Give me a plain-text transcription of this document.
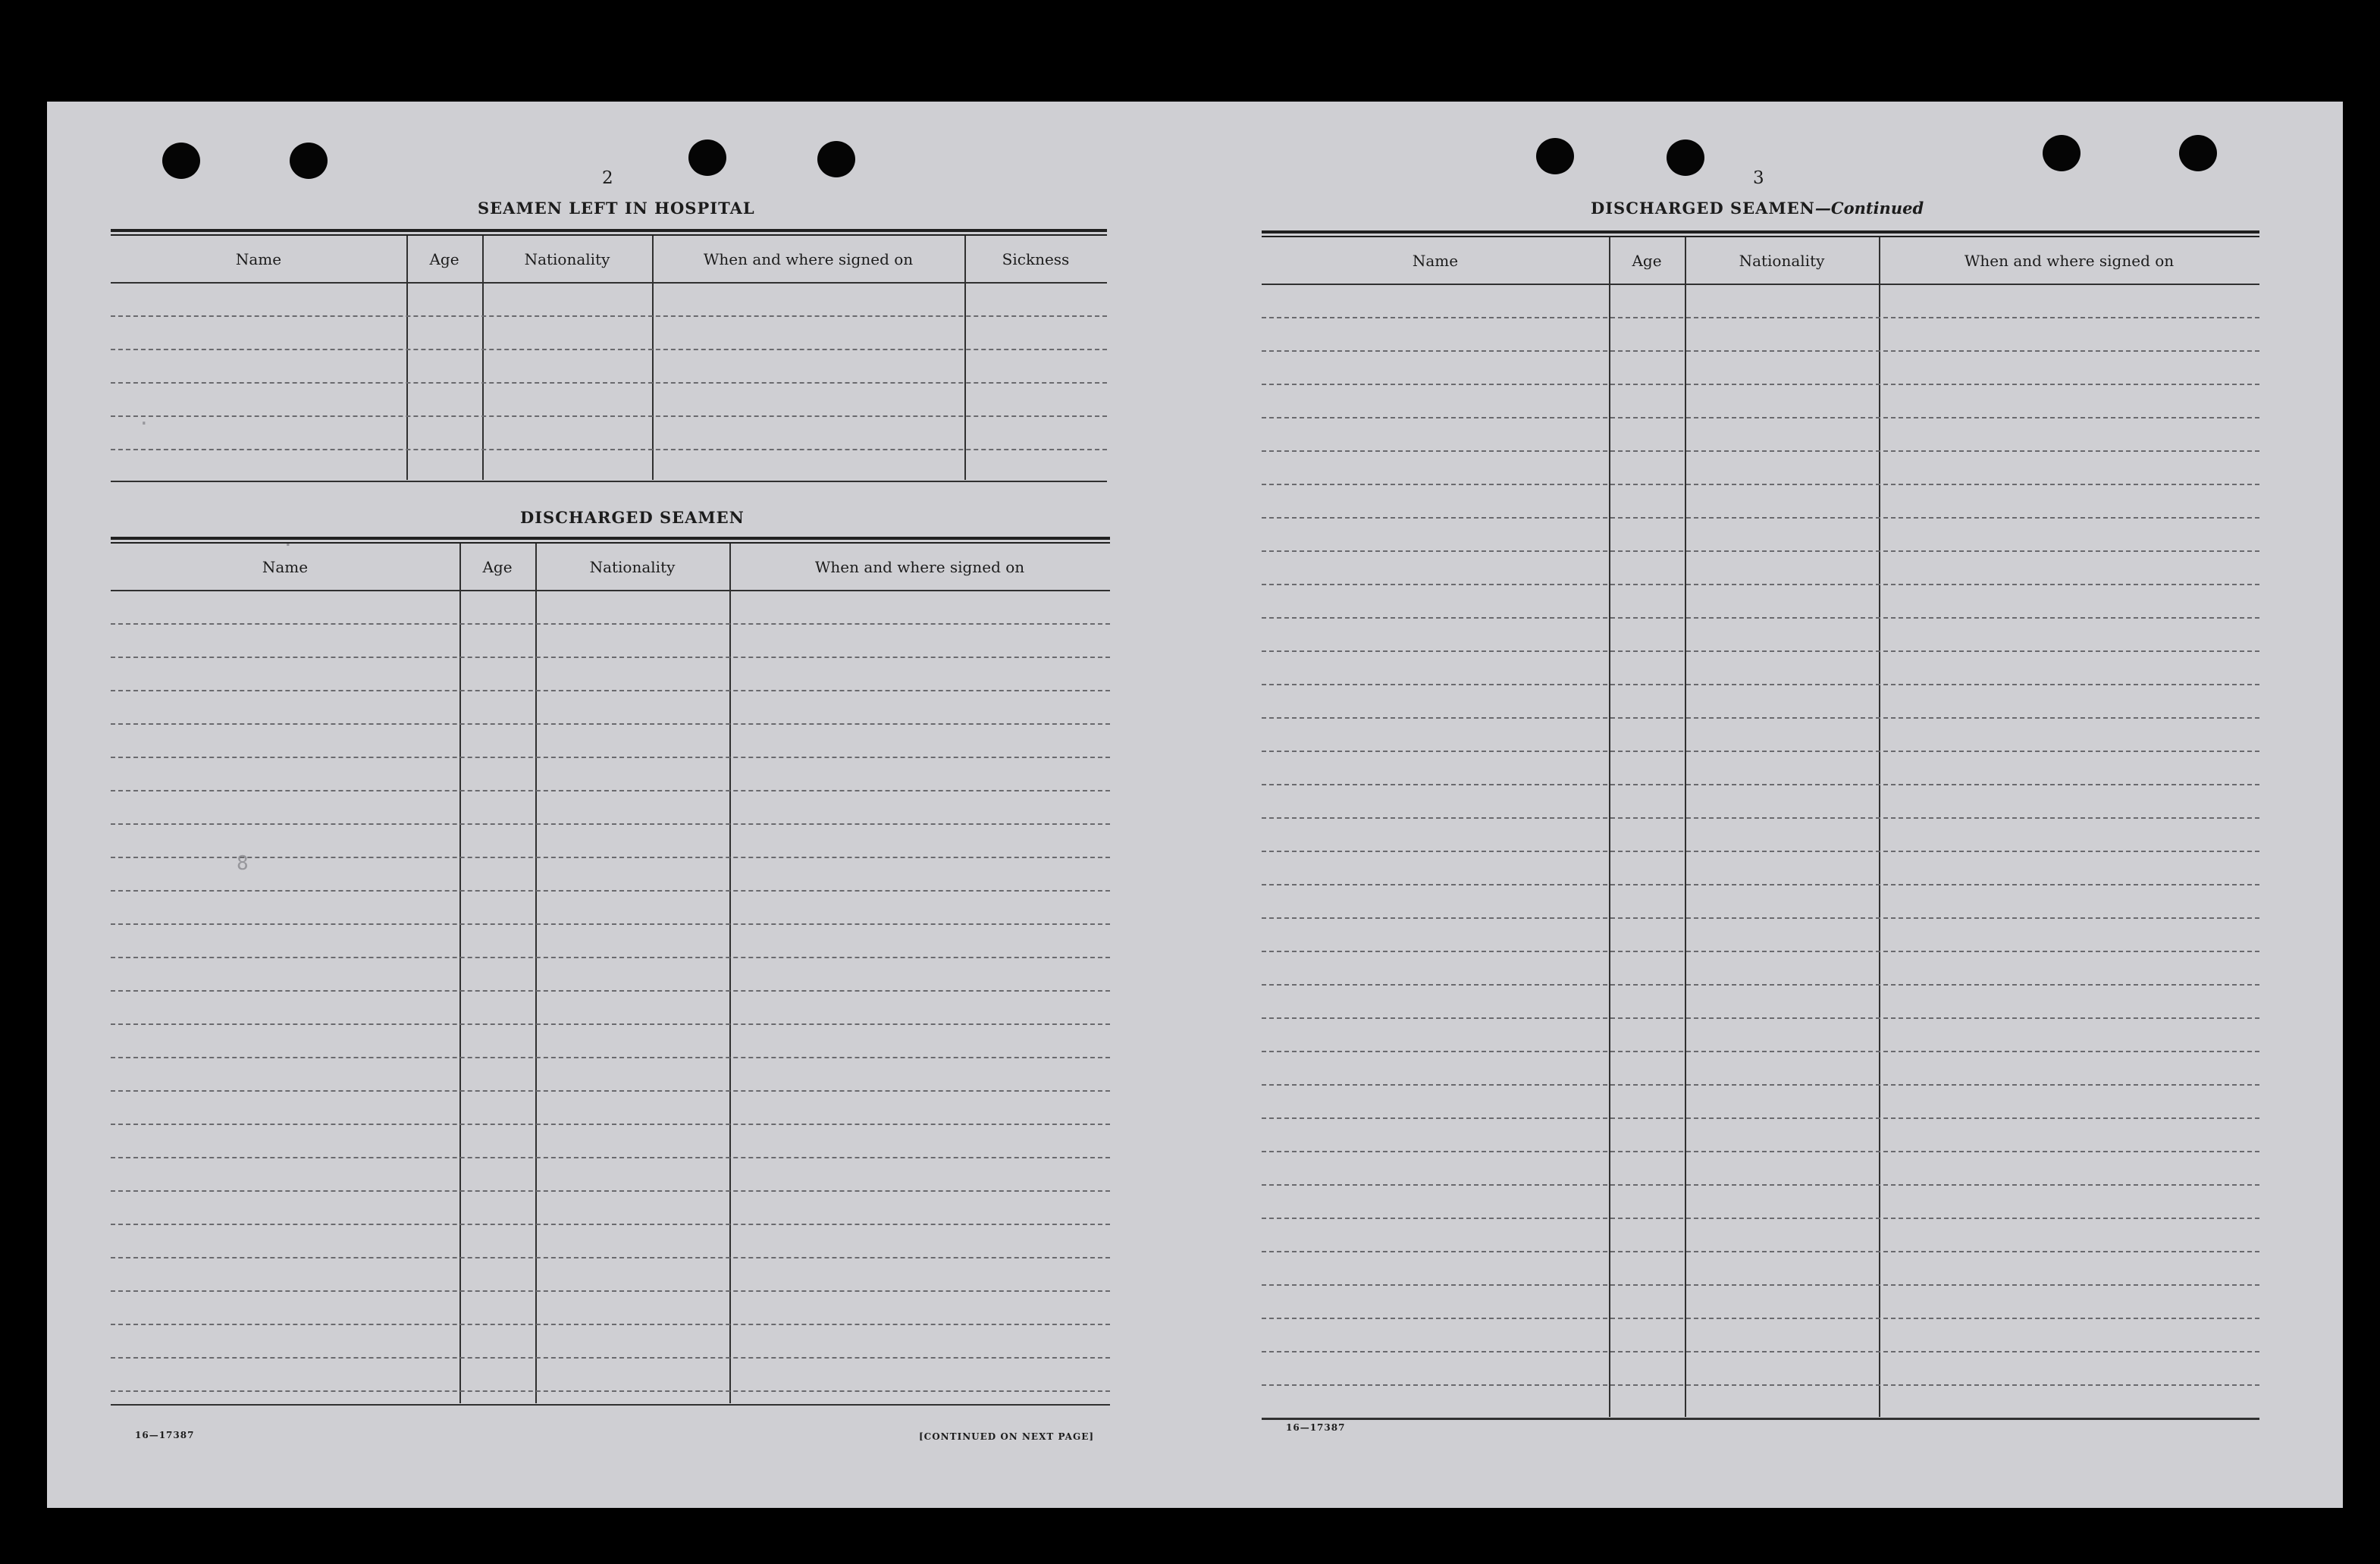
·
·
8
2
SEAMEN LEFT IN HOSPITAL
Name	Age	Nationality	When and where signed on	Sickness
DISCHARGED SEAMEN
Name	Age	Nationality	When and where signed on
16—17387	[CONTINUED ON NEXT PAGE]
3
DISCHARGED SEAMEN—Continued
Name	Age	Nationality	When and where signed on
16—17387
